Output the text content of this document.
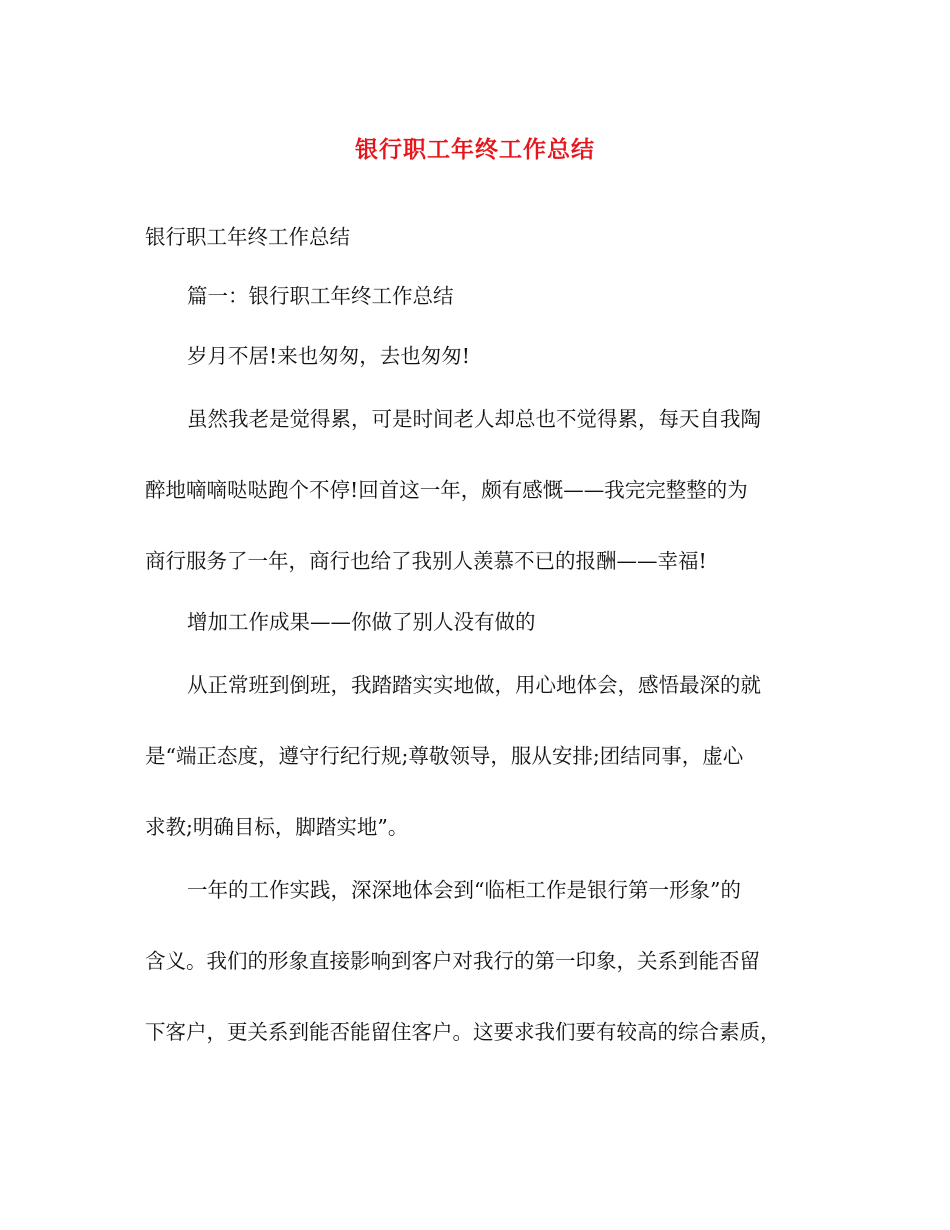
银行职工年终工作总结
银行职工年终工作总结
篇一：银行职工年终工作总结
岁月不居!来也匆匆，去也匆匆!
虽然我老是觉得累，可是时间老人却总也不觉得累，每天自我陶
醉地嘀嘀哒哒跑个不停!回首这一年，颇有感慨——我完完整整的为
商行服务了一年，商行也给了我别人羡慕不已的报酬——幸福!
增加工作成果——你做了别人没有做的
从正常班到倒班，我踏踏实实地做，用心地体会，感悟最深的就
是“端正态度，遵守行纪行规;尊敬领导，服从安排;团结同事，虚心
求教;明确目标，脚踏实地”。
一年的工作实践，深深地体会到“临柜工作是银行第一形象”的
含义。我们的形象直接影响到客户对我行的第一印象，关系到能否留
下客户，更关系到能否能留住客户。这要求我们要有较高的综合素质，
